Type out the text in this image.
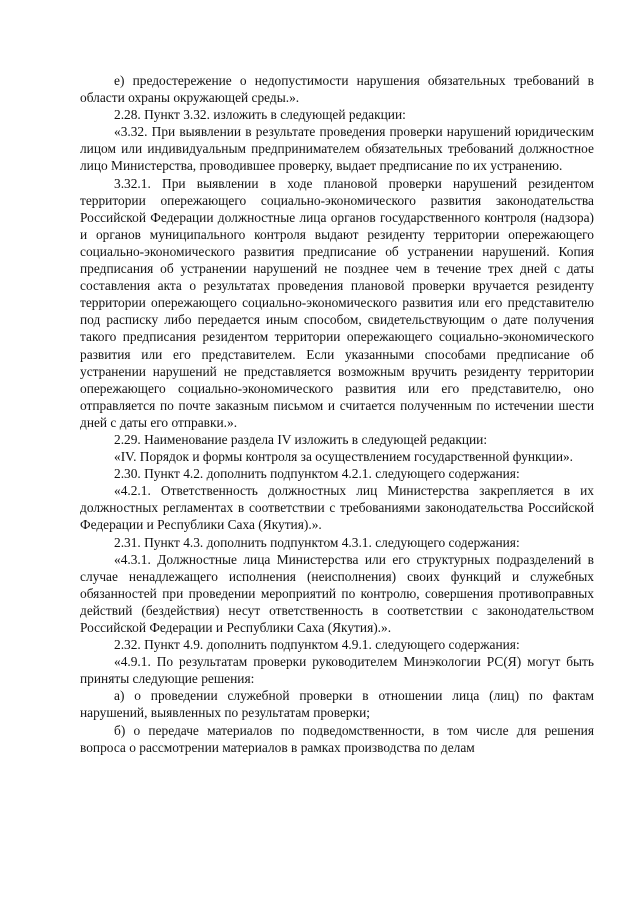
е) предостережение о недопустимости нарушения обязательных требований в области охраны окружающей среды.».

2.28. Пункт 3.32. изложить в следующей редакции:

«3.32. При выявлении в результате проведения проверки нарушений юридическим лицом или индивидуальным предпринимателем обязательных требований должностное лицо Министерства, проводившее проверку, выдает предписание по их устранению.

3.32.1. При выявлении в ходе плановой проверки нарушений резидентом территории опережающего социально-экономического развития законодательства Российской Федерации должностные лица органов государственного контроля (надзора) и органов муниципального контроля выдают резиденту территории опережающего социально-экономического развития предписание об устранении нарушений. Копия предписания об устранении нарушений не позднее чем в течение трех дней с даты составления акта о результатах проведения плановой проверки вручается резиденту территории опережающего социально-экономического развития или его представителю под расписку либо передается иным способом, свидетельствующим о дате получения такого предписания резидентом территории опережающего социально-экономического развития или его представителем. Если указанными способами предписание об устранении нарушений не представляется возможным вручить резиденту территории опережающего социально-экономического развития или его представителю, оно отправляется по почте заказным письмом и считается полученным по истечении шести дней с даты его отправки.».

2.29. Наименование раздела IV изложить в следующей редакции:

«IV. Порядок и формы контроля за осуществлением государственной функции».

2.30. Пункт 4.2. дополнить подпунктом 4.2.1. следующего содержания:

«4.2.1. Ответственность должностных лиц Министерства закрепляется в их должностных регламентах в соответствии с требованиями законодательства Российской Федерации и Республики Саха (Якутия).».

2.31. Пункт 4.3. дополнить подпунктом 4.3.1. следующего содержания:

«4.3.1. Должностные лица Министерства или его структурных подразделений в случае ненадлежащего исполнения (неисполнения) своих функций и служебных обязанностей при проведении мероприятий по контролю, совершения противоправных действий (бездействия) несут ответственность в соответствии с законодательством Российской Федерации и Республики Саха (Якутия).».

2.32. Пункт 4.9. дополнить подпунктом 4.9.1. следующего содержания:

«4.9.1. По результатам проверки руководителем Минэкологии РС(Я) могут быть приняты следующие решения:

а) о проведении служебной проверки в отношении лица (лиц) по фактам нарушений, выявленных по результатам проверки;

б) о передаче материалов по подведомственности, в том числе для решения вопроса о рассмотрении материалов в рамках производства по делам
